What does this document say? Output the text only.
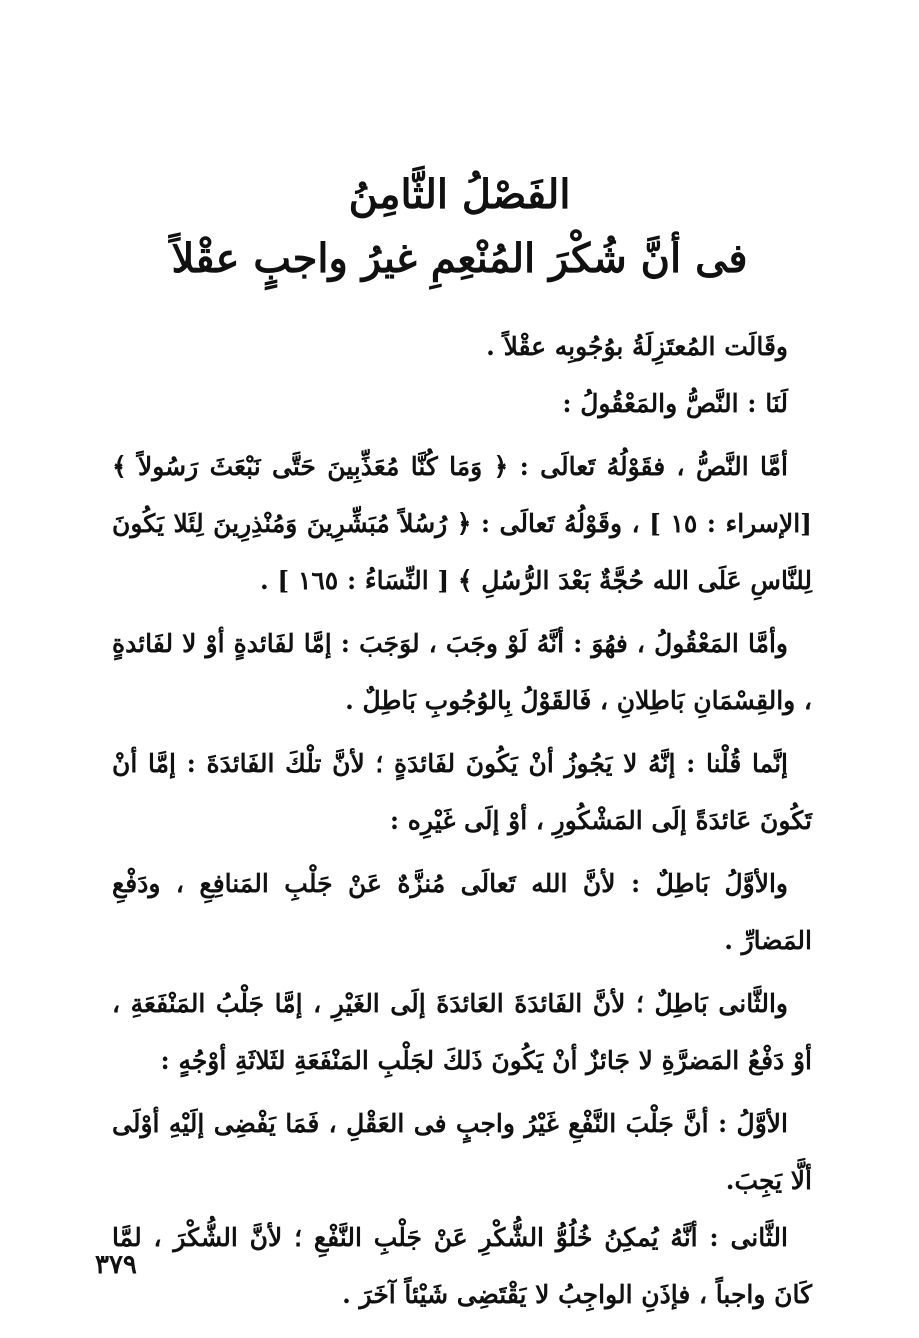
الفَصْلُ الثَّامِنُ

فى أنَّ شُكْرَ المُنْعِمِ غيرُ واجبٍ عقْلاً

وقَالَت المُعتَزِلَةُ بوُجُوبِه عقْلاً .

لَنَا : النَّصُّ والمَعْقُولُ :

أمَّا النَّصُّ ، فقَوْلُهُ تَعالَى : ﴿ وَمَا كُنَّا مُعَذِّبِينَ حَتَّى نَبْعَثَ رَسُولاً ﴾ [الإسراء : ١٥ ] ، وقَوْلُهُ تَعالَى : ﴿ رُسُلاً مُبَشِّرِينَ وَمُنْذِرِينَ لِئَلا يَكُونَ لِلنَّاسِ عَلَى الله حُجَّةٌ بَعْدَ الرُّسُلِ ﴾ [ النِّسَاءُ : ١٦٥ ] .

وأمَّا المَعْقُولُ ، فهُوَ : أنَّهُ لَوْ وجَبَ ، لوَجَبَ : إمَّا لفَائدةٍ أوْ لا لفَائدةٍ ، والقِسْمَانِ بَاطِلانِ ، فَالقَوْلُ بِالوُجُوبِ بَاطِلٌ .

إنَّما قُلْنا : إنَّهُ لا يَجُوزُ أنْ يَكُونَ لفَائدَةٍ ؛ لأنَّ تلْكَ الفَائدَةَ : إمَّا أنْ تَكُونَ عَائدَةً إلَى المَشْكُورِ ، أوْ إلَى غَيْرِه :

والأوَّلُ بَاطِلٌ : لأنَّ الله تَعالَى مُنزَّهٌ عَنْ جَلْبِ المَنافِعِ ، ودَفْعِ المَضارِّ .

والثَّانى بَاطِلٌ ؛ لأنَّ الفَائدَةَ العَائدَةَ إلَى الغَيْرِ ، إمَّا جَلْبُ المَنْفَعَةِ ، أوْ دَفْعُ المَضرَّةِ لا جَائزٌ أنْ يَكُونَ ذَلكَ لجَلْبِ المَنْفَعَةِ لثَلاثَةِ أوْجُهٍ :

الأوَّلُ : أنَّ جَلْبَ النَّفْعِ غَيْرُ واجبٍ فى العَقْلِ ، فَمَا يَفْضِى إلَيْهِ أوْلَى ألَّا يَجِبَ.

الثَّانى : أنَّهُ يُمكِنُ خُلُوُّ الشُّكْرِ عَنْ جَلْبِ النَّفْعِ ؛ لأنَّ الشُّكْرَ ، لمَّا كَانَ واجباً ، فإذَنِ الواجِبُ لا يَقْتَضِى شَيْئاً آخَرَ .

٣٧٩
